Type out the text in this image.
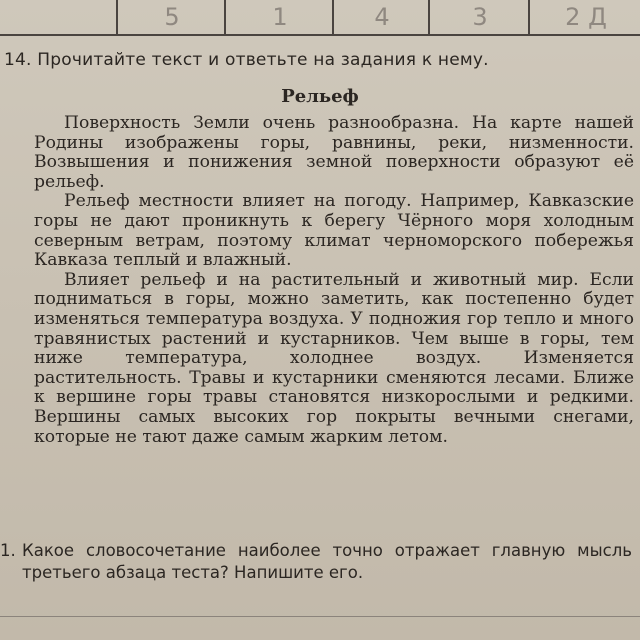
5	1	4	3	2 Д
14. Прочитайте текст и ответьте на задания к нему.
Рельеф

Поверхность Земли очень разнообразна. На карте нашей Родины изображены горы, равнины, реки, низменности. Возвышения и понижения земной поверхности образуют её рельеф.

Рельеф местности влияет на погоду. Например, Кавказские горы не дают проникнуть к берегу Чёрного моря холодным северным ветрам, поэтому климат черноморского побережья Кавказа теплый и влажный.

Влияет рельеф и на растительный и животный мир. Если подниматься в горы, можно заметить, как постепенно будет изменяться температура воздуха. У подножия гор тепло и много травянистых растений и кустарников. Чем выше в горы, тем ниже температура, холоднее воздух. Изменяется растительность. Травы и кустарники сменяются лесами. Ближе к вершине горы травы становятся низкорослыми и редкими. Вершины самых высоких гор покрыты вечными снегами, которые не тают даже самым жарким летом.

1. Какое словосочетание наиболее точно отражает главную мысль третьего абзаца теста? Напишите его.
